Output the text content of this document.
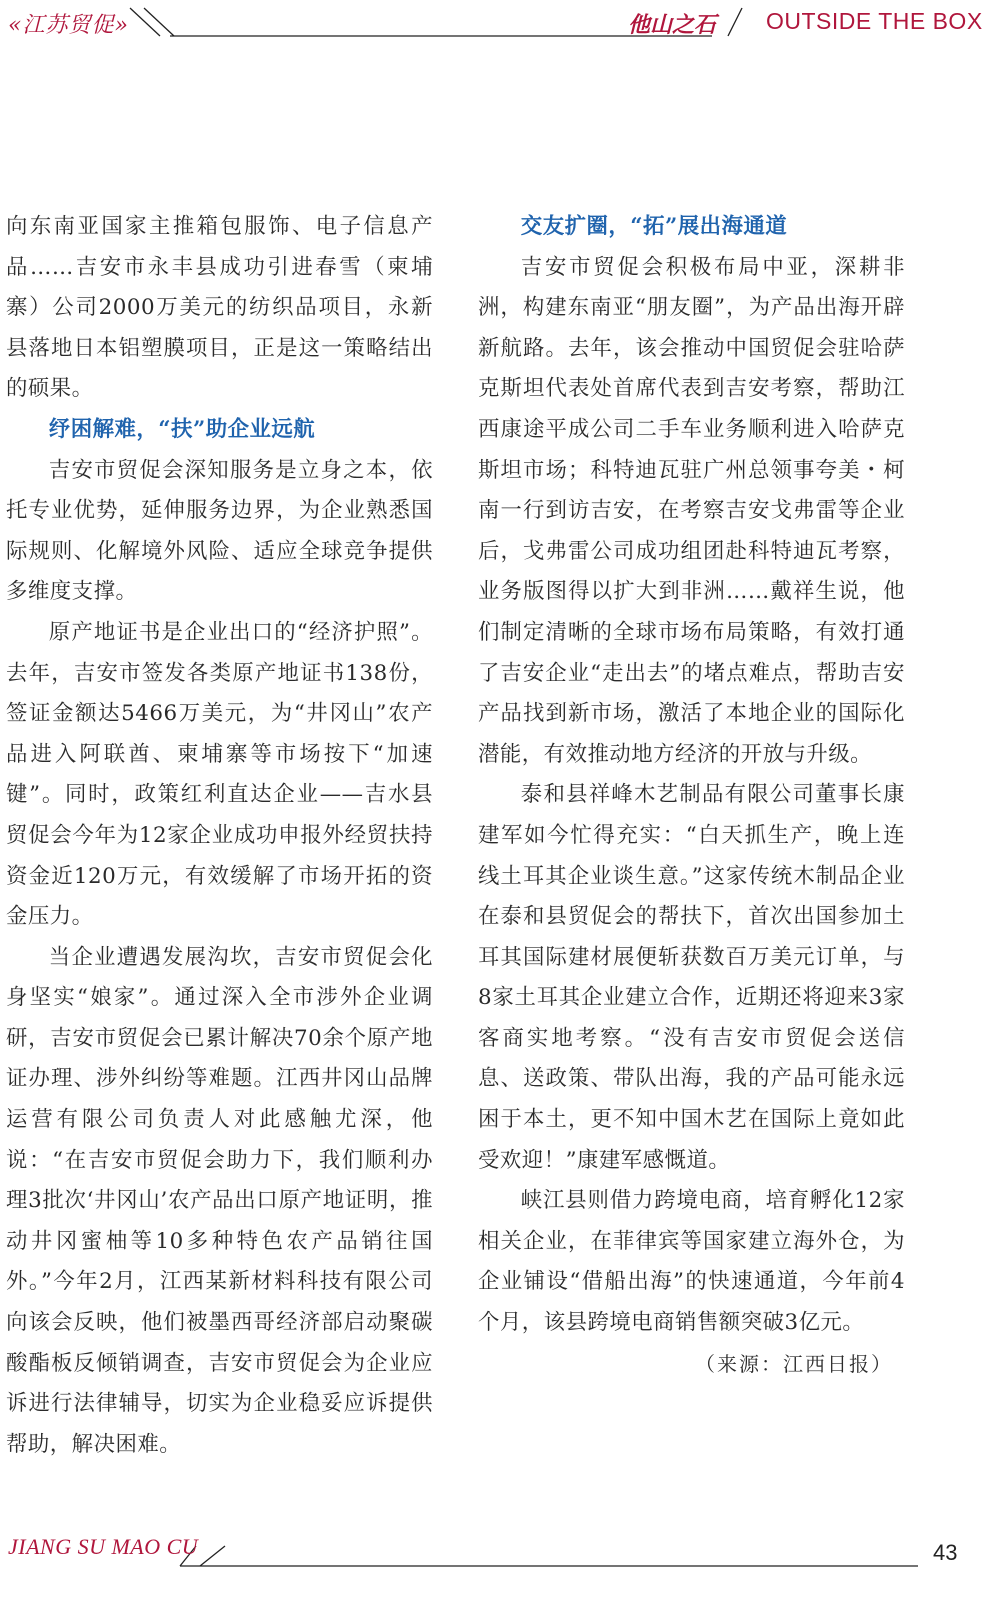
«江苏贸促»	他山之石 OUTSIDE THE BOX

向东南亚国家主推箱包服饰、电子信息产品……吉安市永丰县成功引进春雪（柬埔寨）公司2000万美元的纺织品项目，永新县落地日本铝塑膜项目，正是这一策略结出的硕果。

纾困解难，“扶”助企业远航

吉安市贸促会深知服务是立身之本，依托专业优势，延伸服务边界，为企业熟悉国际规则、化解境外风险、适应全球竞争提供多维度支撑。

原产地证书是企业出口的“经济护照”。去年，吉安市签发各类原产地证书138份，签证金额达5466万美元，为“井冈山”农产品进入阿联酋、柬埔寨等市场按下“加速键”。同时，政策红利直达企业——吉水县贸促会今年为12家企业成功申报外经贸扶持资金近120万元，有效缓解了市场开拓的资金压力。

当企业遭遇发展沟坎，吉安市贸促会化身坚实“娘家”。通过深入全市涉外企业调研，吉安市贸促会已累计解决70余个原产地证办理、涉外纠纷等难题。江西井冈山品牌运营有限公司负责人对此感触尤深，他说：“在吉安市贸促会助力下，我们顺利办理3批次‘井冈山’农产品出口原产地证明，推动井冈蜜柚等10多种特色农产品销往国外。”今年2月，江西某新材料科技有限公司向该会反映，他们被墨西哥经济部启动聚碳酸酯板反倾销调查，吉安市贸促会为企业应诉进行法律辅导，切实为企业稳妥应诉提供帮助，解决困难。

交友扩圈，“拓”展出海通道

吉安市贸促会积极布局中亚，深耕非洲，构建东南亚“朋友圈”，为产品出海开辟新航路。去年，该会推动中国贸促会驻哈萨克斯坦代表处首席代表到吉安考察，帮助江西康途平成公司二手车业务顺利进入哈萨克斯坦市场；科特迪瓦驻广州总领事夸美・柯南一行到访吉安，在考察吉安戈弗雷等企业后，戈弗雷公司成功组团赴科特迪瓦考察，业务版图得以扩大到非洲……戴祥生说，他们制定清晰的全球市场布局策略，有效打通了吉安企业“走出去”的堵点难点，帮助吉安产品找到新市场，激活了本地企业的国际化潜能，有效推动地方经济的开放与升级。

泰和县祥峰木艺制品有限公司董事长康建军如今忙得充实：“白天抓生产，晚上连线土耳其企业谈生意。”这家传统木制品企业在泰和县贸促会的帮扶下，首次出国参加土耳其国际建材展便斩获数百万美元订单，与8家土耳其企业建立合作，近期还将迎来3家客商实地考察。“没有吉安市贸促会送信息、送政策、带队出海，我的产品可能永远困于本土，更不知中国木艺在国际上竟如此受欢迎！”康建军感慨道。

峡江县则借力跨境电商，培育孵化12家相关企业，在菲律宾等国家建立海外仓，为企业铺设“借船出海”的快速通道，今年前4个月，该县跨境电商销售额突破3亿元。

（来源：江西日报）

JIANG SU MAO CU	43
